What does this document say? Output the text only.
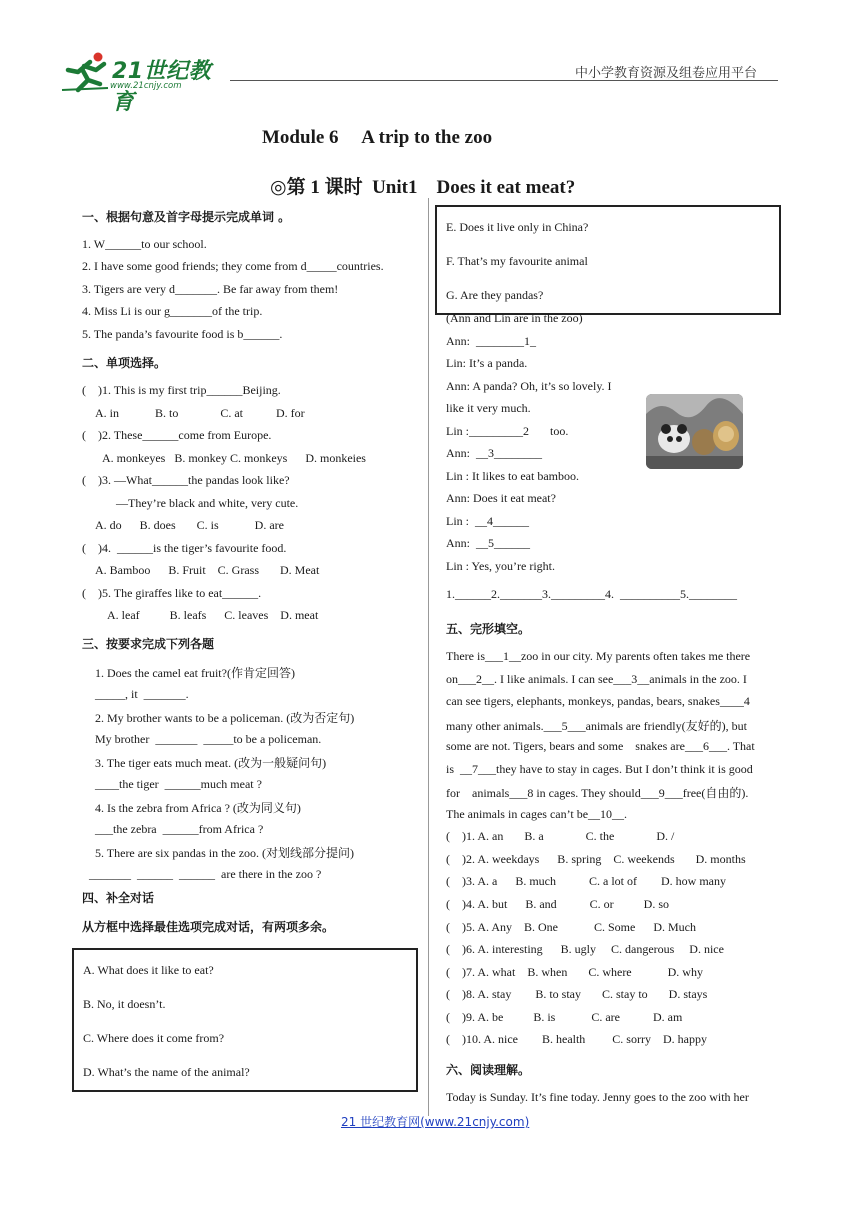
21世纪教育
www.21cnjy.com
中小学教育资源及组卷应用平台
Module 6     A trip to the zoo
◎第 1 课时  Unit1    Does it eat meat?
一、根据句意及首字母提示完成单词 。
1. W______to our school.
2. I have some good friends; they come from d_____countries.
3. Tigers are very d_______. Be far away from them!
4. Miss Li is our g_______of the trip.
5. The panda’s favourite food is b______.
二、单项选择。
(    )1. This is my first trip______Beijing.
A. in            B. to              C. at           D. for
(    )2. These______come from Europe.
A. monkeyes   B. monkey C. monkeys      D. monkeies
(    )3. —What______the pandas look like?
—They’re black and white, very cute.
A. do      B. does       C. is            D. are
(    )4.  ______is the tiger’s favourite food.
A. Bamboo      B. Fruit    C. Grass       D. Meat
(    )5. The giraffes like to eat______.
A. leaf          B. leafs      C. leaves    D. meat
三、按要求完成下列各题
1. Does the camel eat fruit?(作肯定回答)
_____, it  _______.
2. My brother wants to be a policeman. (改为否定句)
My brother  _______  _____to be a policeman.
3. The tiger eats much meat. (改为一般疑问句)
____the tiger  ______much meat ?
4. Is the zebra from Africa ? (改为同义句)
___the zebra  ______from Africa ?
5. There are six pandas in the zoo. (对划线部分提问)
_______  ______  ______  are there in the zoo ?
四、补全对话
从方框中选择最佳选项完成对话，有两项多余。
A. What does it like to eat?
B. No, it doesn’t.
C. Where does it come from?
D. What’s the name of the animal?
E. Does it live only in China?
F. That’s my favourite animal
G. Are they pandas?
(Ann and Lin are in the zoo)
Ann:  ________1_
Lin: It’s a panda.
Ann: A panda? Oh, it’s so lovely. I
like it very much.
Lin :_________2       too.
Ann:  __3________
Lin : It likes to eat bamboo.
Ann: Does it eat meat?
Lin :  __4______
Ann:  __5______
Lin : Yes, you’re right.
1.______2._______3._________4.  __________5.________
五、完形填空。
There is___1__zoo in our city. My parents often takes me there
on___2__. I like animals. I can see___3__animals in the zoo. I
can see tigers, elephants, monkeys, pandas, bears, snakes____4
many other animals.___5___animals are friendly(友好的), but
some are not. Tigers, bears and some    snakes are___6___. That
is  __7___they have to stay in cages. But I don’t think it is good
for    animals___8 in cages. They should___9___free(自由的).
The animals in cages can’t be__10__.
(    )1. A. an       B. a              C. the              D. /
(    )2. A. weekdays      B. spring    C. weekends       D. months
(    )3. A. a      B. much           C. a lot of        D. how many
(    )4. A. but      B. and           C. or          D. so
(    )5. A. Any    B. One            C. Some      D. Much
(    )6. A. interesting      B. ugly     C. dangerous     D. nice
(    )7. A. what    B. when       C. where            D. why
(    )8. A. stay        B. to stay       C. stay to       D. stays
(    )9. A. be          B. is            C. are           D. am
(    )10. A. nice        B. health         C. sorry    D. happy
六、阅读理解。
Today is Sunday. It’s fine today. Jenny goes to the zoo with her
21 世纪教育网(www.21cnjy.com)
